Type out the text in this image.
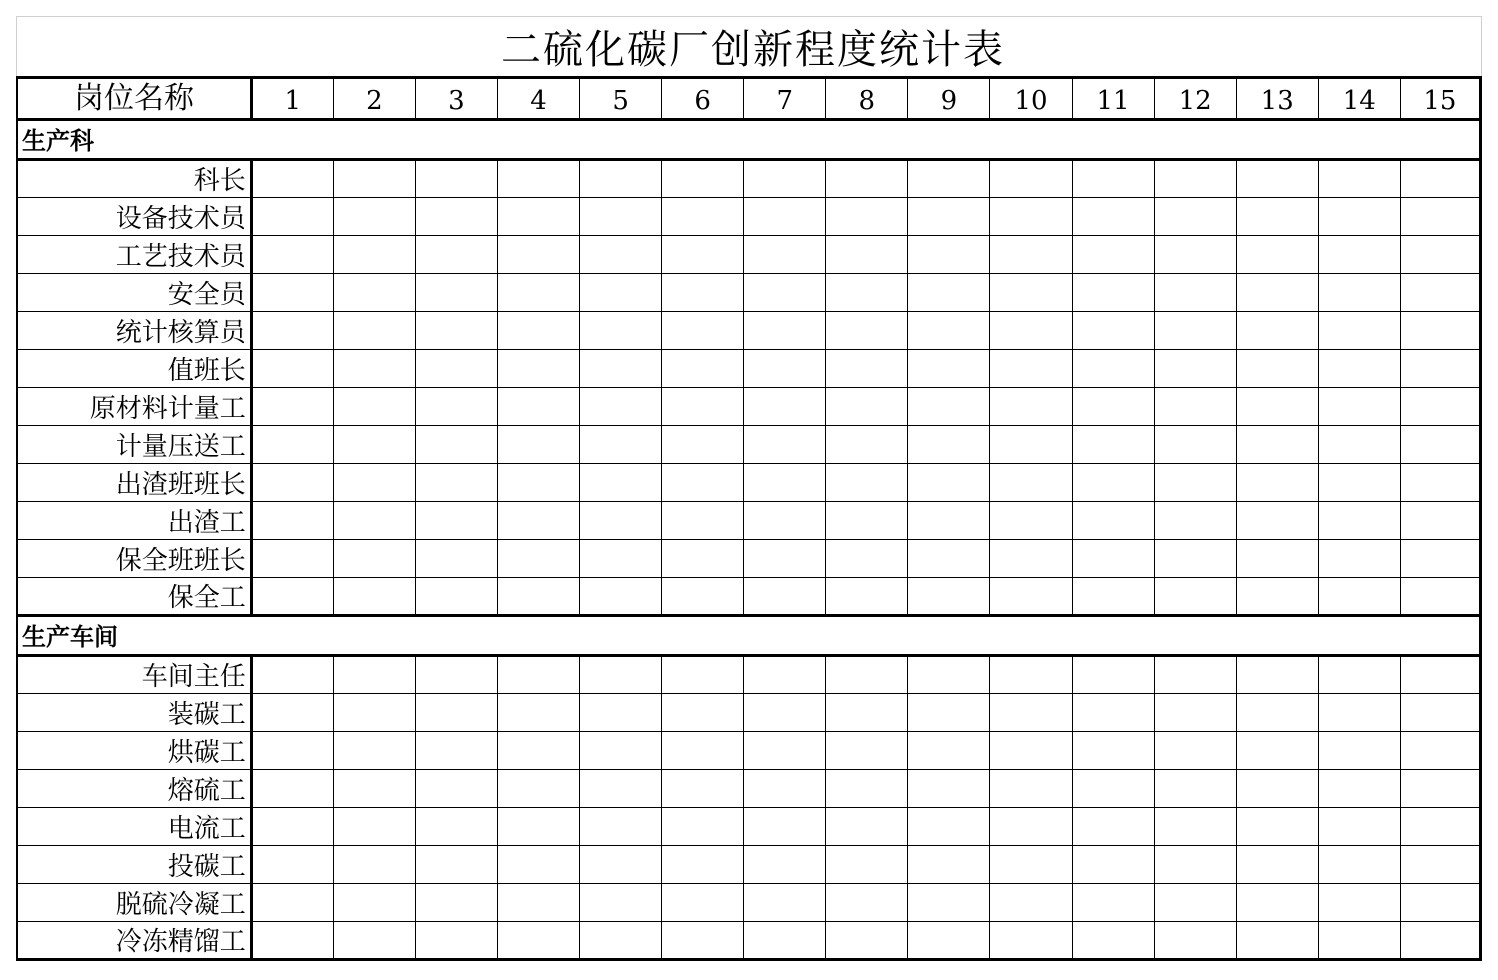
二硫化碳厂创新程度统计表
岗位名称	1	2	3	4	5	6	7	8	9	10	11	12	13	14	15
生产科															
科长															
设备技术员															
工艺技术员															
安全员															
统计核算员															
值班长															
原材料计量工															
计量压送工															
出渣班班长															
出渣工															
保全班班长															
保全工															
生产车间															
车间主任															
装碳工															
烘碳工															
熔硫工															
电流工															
投碳工															
脱硫冷凝工															
冷冻精馏工															
